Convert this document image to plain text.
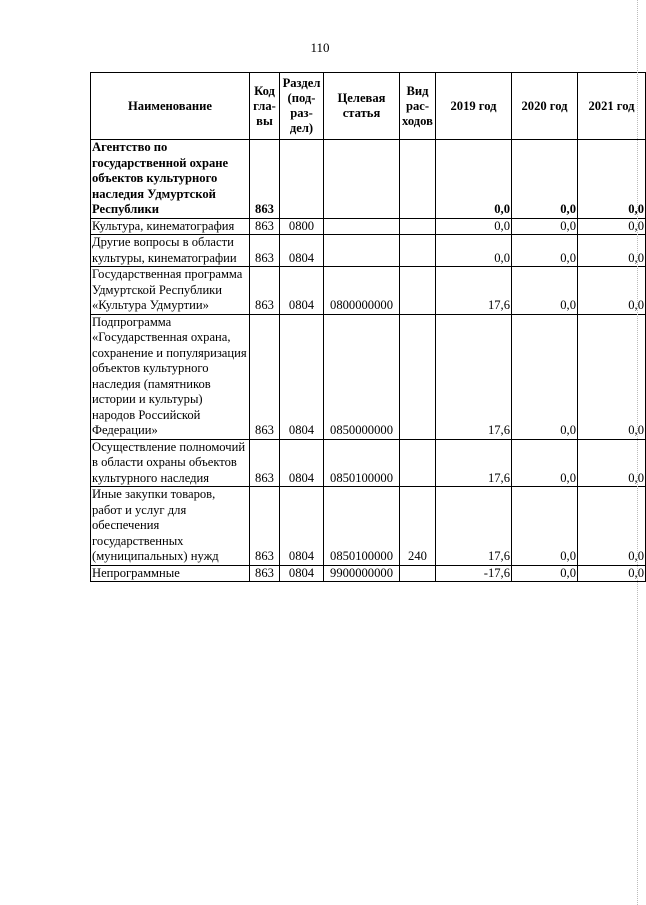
110
Наименование	Код гла-вы	Раздел (под-раз-дел)	Целевая статья	Вид рас-ходов	2019 год	2020 год	2021 год
Агентство по государственной охране объектов культурного наследия Удмуртской Республики	863				0,0	0,0	0,0
Культура, кинематография	863	0800			0,0	0,0	0,0
Другие вопросы в области культуры, кинематографии	863	0804			0,0	0,0	0,0
Государственная программа Удмуртской Республики «Культура Удмуртии»	863	0804	0800000000		17,6	0,0	0,0
Подпрограмма «Государственная охрана, сохранение и популяризация объектов культурного наследия (памятников истории и культуры) народов Российской Федерации»	863	0804	0850000000		17,6	0,0	0,0
Осуществление полномочий в области охраны объектов культурного наследия	863	0804	0850100000		17,6	0,0	0,0
Иные закупки товаров, работ и услуг для обеспечения государственных (муниципальных) нужд	863	0804	0850100000	240	17,6	0,0	0,0
Непрограммные	863	0804	9900000000		-17,6	0,0	0,0
